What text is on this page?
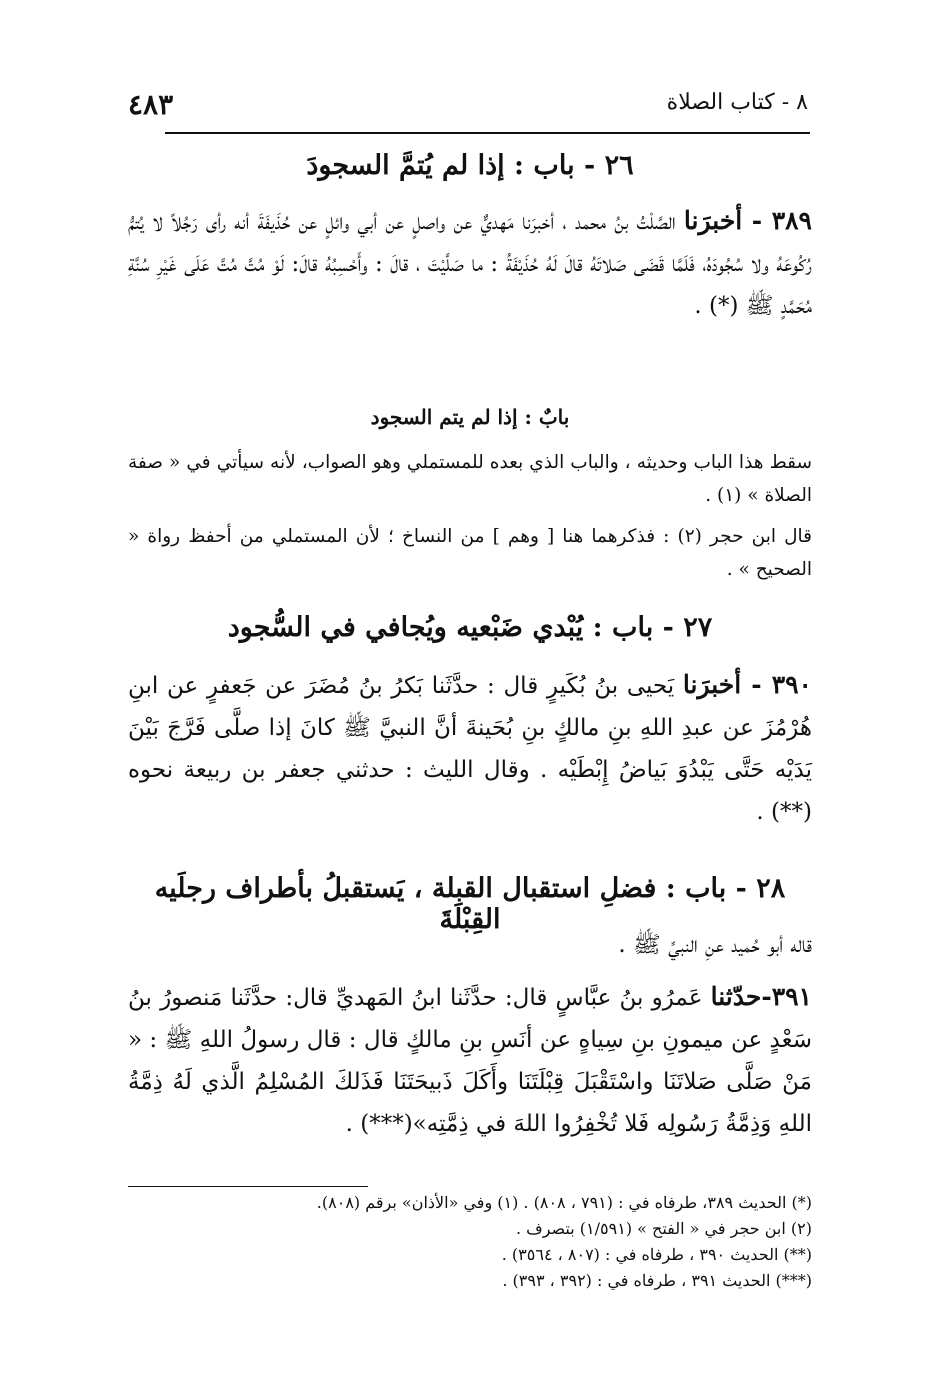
٤٨٣	٨ - كتاب الصلاة
٢٦ - باب : إذا لم يُتمَّ السجودَ
٣٨٩ - أخبرَنا الصَّلْتُ بنُ محمد ، أخبرَنا مَهديٌّ عن واصلٍ عن أبي وائلٍ عن حُذَيفَةَ أنه رأى رَجُلاً لا يُتمُّ رُكُوعَهُ ولا سُجُودَهُ، فَلَمَّا قَضَى صَلاتَهُ قالَ لَهُ حُذَيْفَةُ : ما صَلَّيْتَ ، قالَ : وأَحْسِبُهُ قالَ: لَوْ مُتَّ مُتَّ عَلَى غَيْرِ سُنَّةِ مُحَمَّدٍ ﷺ (*) .
بابٌ : إذا لم يتم السجود
سقط هذا الباب وحديثه ، والباب الذي بعده للمستملي وهو الصواب، لأنه سيأتي في « صفة الصلاة » (١) .
قال ابن حجر (٢) : فذكرهما هنا [ وهم ] من النساخ ؛ لأن المستملي من أحفظ رواة « الصحيح » .
٢٧ - باب : يُبْدي ضَبْعيه ويُجافي في السُّجود
٣٩٠ - أخبرَنا يَحيى بنُ بُكَيرٍ قال : حدَّثَنا بَكرُ بنُ مُضَرَ عن جَعفرٍ عن ابنِ هُرْمُزَ عن عبدِ اللهِ بنِ مالكٍ بنِ بُحَينةَ أنَّ النبيَّ ﷺ كانَ إذا صلَّى فَرَّجَ بَيْنَ يَدَيْه حَتَّى يَبْدُوَ بَياضُ إِبْطَيْه . وقال الليث : حدثني جعفر بن ربيعة نحوه (**) .
٢٨ - باب : فضلِ استقبال القبلة ، يَستقبلُ بأطراف رجلَيه القِبْلَةَ
قاله أبو حُميد عنِ النبيِّ ﷺ .
٣٩١-حدّثنا عَمرُو بنُ عبَّاسٍ قال: حدَّثَنا ابنُ المَهديِّ قال: حدَّثَنا مَنصورُ بنُ سَعْدٍ عن ميمونِ بنِ سِياهٍ عن أنَسِ بنِ مالكٍ قال : قال رسولُ اللهِ ﷺ : « مَنْ صَلَّى صَلاتَنَا واسْتَقْبَلَ قِبْلَتَنَا وأَكَلَ ذَبيحَتَنَا فَذَلكَ المُسْلِمُ الَّذي لَهُ ذِمَّةُ اللهِ وَذِمَّةُ رَسُولِه فَلا تُخْفِرُوا اللهَ في ذِمَّتِه»(***) .
(*) الحديث ٣٨٩، طرفاه في : (٧٩١ ، ٨٠٨) . (١) وفي «الأذان» برقم (٨٠٨).
(٢) ابن حجر في « الفتح » (١/٥٩١) بتصرف .
(**) الحديث ٣٩٠ ، طرفاه في : (٨٠٧ ، ٣٥٦٤) .
(***) الحديث ٣٩١ ، طرفاه في : (٣٩٢ ، ٣٩٣) .
